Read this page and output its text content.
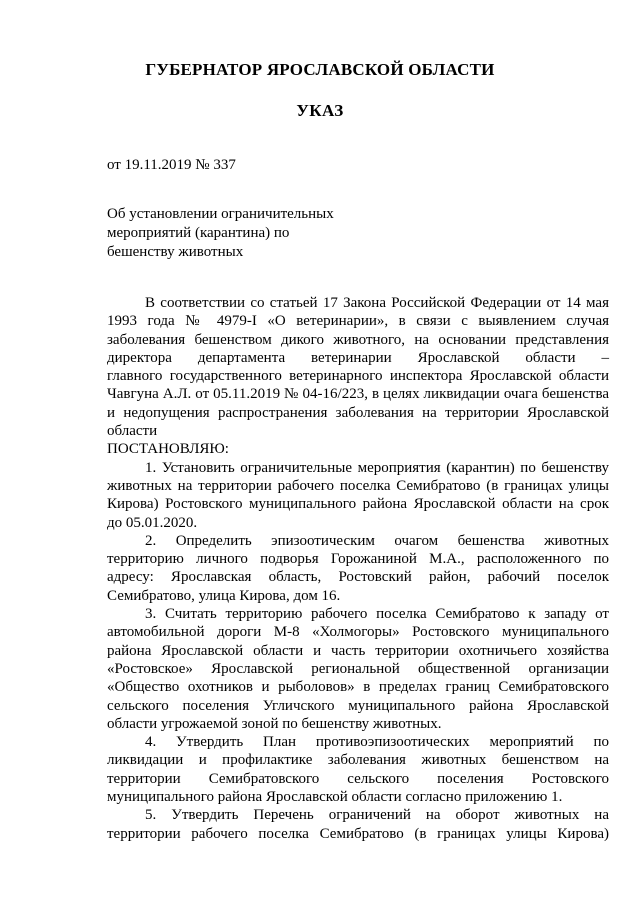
ГУБЕРНАТОР ЯРОСЛАВСКОЙ ОБЛАСТИ
УКАЗ
от 19.11.2019 № 337
Об установлении ограничительных
мероприятий (карантина) по
бешенству животных
В соответствии со статьей 17 Закона Российской Федерации от 14 мая
1993 года № 4979-I «О ветеринарии», в связи с выявлением случая
заболевания бешенством дикого животного, на основании представления
директора департамента ветеринарии Ярославской области –
главного государственного ветеринарного инспектора Ярославской области
Чавгуна А.Л. от 05.11.2019 № 04-16/223, в целях ликвидации очага бешенства
и недопущения распространения заболевания на территории Ярославской
области
ПОСТАНОВЛЯЮ:
1. Установить ограничительные мероприятия (карантин) по бешенству
животных на территории рабочего поселка Семибратово (в границах улицы
Кирова) Ростовского муниципального района Ярославской области на срок
до 05.01.2020.
2. Определить эпизоотическим очагом бешенства животных
территорию личного подворья Горожаниной М.А., расположенного по
адресу: Ярославская область, Ростовский район, рабочий поселок
Семибратово, улица Кирова, дом 16.
3. Считать территорию рабочего поселка Семибратово к западу от
автомобильной дороги М-8 «Холмогоры» Ростовского муниципального
района Ярославской области и часть территории охотничьего хозяйства
«Ростовское» Ярославской региональной общественной организации
«Общество охотников и рыболовов» в пределах границ Семибратовского
сельского поселения Угличского муниципального района Ярославской
области угрожаемой зоной по бешенству животных.
4. Утвердить План противоэпизоотических мероприятий по
ликвидации и профилактике заболевания животных бешенством на
территории Семибратовского сельского поселения Ростовского
муниципального района Ярославской области согласно приложению 1.
5. Утвердить Перечень ограничений на оборот животных на
территории рабочего поселка Семибратово (в границах улицы Кирова)
